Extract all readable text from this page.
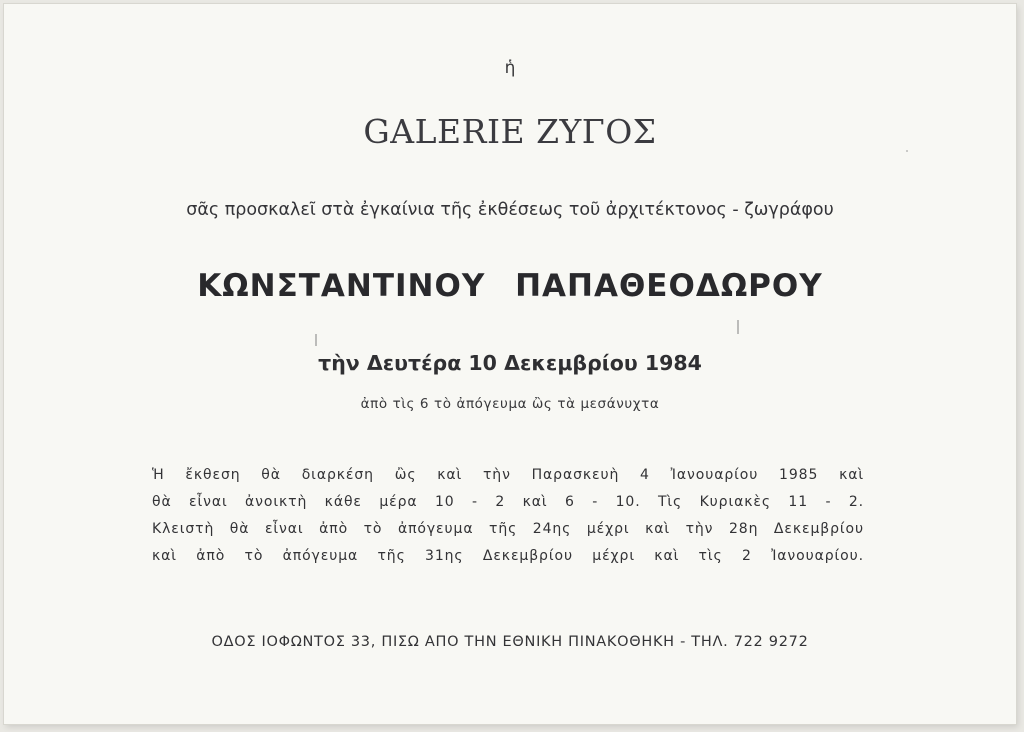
ἡ
GALERIE ΖΥΓΟΣ
σᾶς προσκαλεῖ στὰ ἐγκαίνια τῆς ἐκθέσεως τοῦ ἀρχιτέκτονος - ζωγράφου
ΚΩΝΣΤΑΝΤΙΝΟΥ ΠΑΠΑΘΕΟΔΩΡΟΥ
τὴν Δευτέρα 10 Δεκεμβρίου 1984
ἀπὸ τὶς 6 τὸ ἀπόγευμα ὢς τὰ μεσάνυχτα
Ἡ ἔκθεση θὰ διαρκέση ὢς καὶ τὴν Παρασκευὴ 4 Ἰανουαρίου 1985 καὶ
θὰ εἶναι ἀνοικτὴ κάθε μέρα 10 - 2 καὶ 6 - 10. Τὶς Κυριακὲς 11 - 2.
Κλειστὴ θὰ εἶναι ἀπὸ τὸ ἀπόγευμα τῆς 24ης μέχρι καὶ τὴν 28η Δεκεμβρίου
καὶ ἀπὸ τὸ ἀπόγευμα τῆς 31ης Δεκεμβρίου μέχρι καὶ τὶς 2 Ἰανουαρίου.
ΟΔΟΣ ΙΟΦΩΝΤΟΣ 33, ΠΙΣΩ ΑΠΟ ΤΗΝ ΕΘΝΙΚΗ ΠΙΝΑΚΟΘΗΚΗ - ΤΗΛ. 722 9272
